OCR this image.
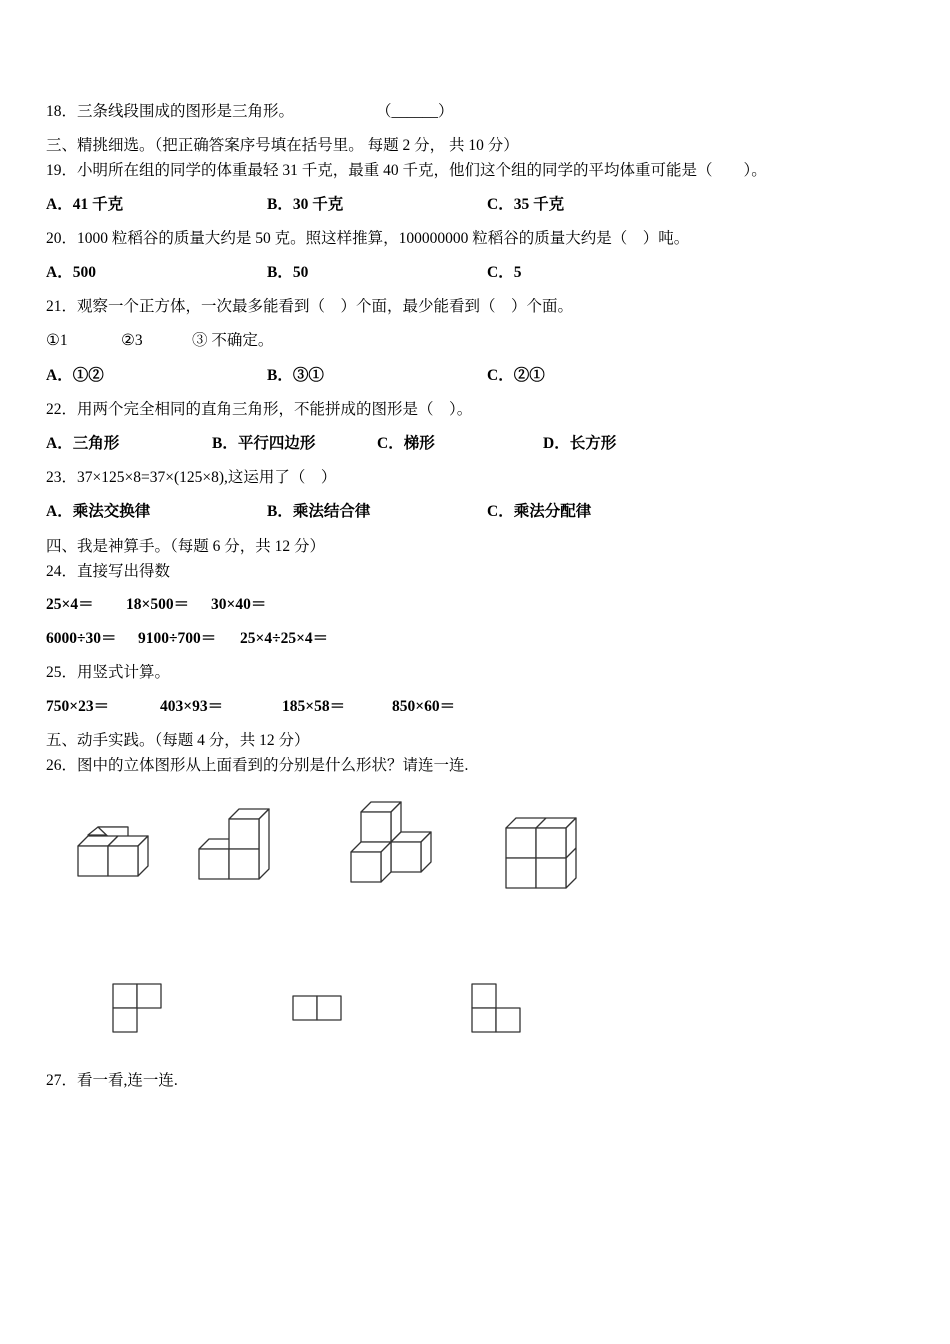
18．三条线段围成的图形是三角形。	（______）
三、精挑细选。（把正确答案序号填在括号里。 每题 2 分， 共 10 分）
19．小明所在组的同学的体重最轻 31 千克，最重 40 千克，他们这个组的同学的平均体重可能是（　　）。
A．41 千克	B．30 千克	C．35 千克
20．1000 粒稻谷的质量大约是 50 克。照这样推算，100000000 粒稻谷的质量大约是（　）吨。
A．500	B．50	C．5
21．观察一个正方体，一次最多能看到（　）个面，最少能看到（　）个面。
①1	②3	③ 不确定。
A．①②	B．③①	C．②①
22．用两个完全相同的直角三角形，不能拼成的图形是（　）。
A．三角形	B．平行四边形	C．梯形	D．长方形
23．37×125×8=37×(125×8),这运用了（　）
A．乘法交换律	B．乘法结合律	C．乘法分配律
四、我是神算手。（每题 6 分，共 12 分）
24．直接写出得数
25×4＝ 18×500＝ 30×40＝
6000÷30＝ 9100÷700＝ 25×4÷25×4＝
25．用竖式计算。
750×23＝	403×93＝	185×58＝	850×60＝
五、动手实践。（每题 4 分，共 12 分）
26．图中的立体图形从上面看到的分别是什么形状？请连一连.
27．看一看,连一连.
